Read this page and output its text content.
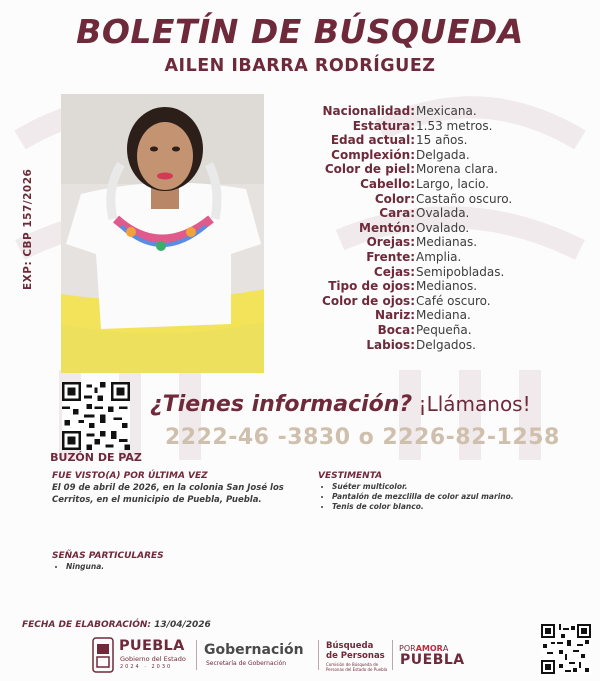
BOLETÍN DE BÚSQUEDA
AILEN IBARRA RODRÍGUEZ
EXP: CBP 157/2026
Nacionalidad: Mexicana.
Estatura: 1.53 metros.
Edad actual: 15 años.
Complexión: Delgada.
Color de piel: Morena clara.
Cabello: Largo, lacio.
Color: Castaño oscuro.
Cara: Ovalada.
Mentón: Ovalado.
Orejas: Medianas.
Frente: Amplia.
Cejas: Semipobladas.
Tipo de ojos: Medianos.
Color de ojos: Café oscuro.
Nariz: Mediana.
Boca: Pequeña.
Labios: Delgados.
BUZÓN DE PAZ
¿Tienes información? ¡Llámanos!
2222-46 -3830 o 2226-82-1258
FUE VISTO(A) POR ÚLTIMA VEZ
El 09 de abril de 2026, en la colonia San José los Cerritos, en el municipio de Puebla, Puebla.
VESTIMENTA
• Suéter multicolor.
• Pantalón de mezclilla de color azul marino.
• Tenis de color blanco.
SEÑAS PARTICULARES
• Ninguna.
FECHA DE ELABORACIÓN: 13/04/2026
PUEBLA
Gobierno del Estado
2024 · 2030
Gobernación
Secretaría de Gobernación
Búsqueda
de Personas
Comisión de Búsqueda de Personas del Estado de Puebla
PORAMORA
PUEBLA
